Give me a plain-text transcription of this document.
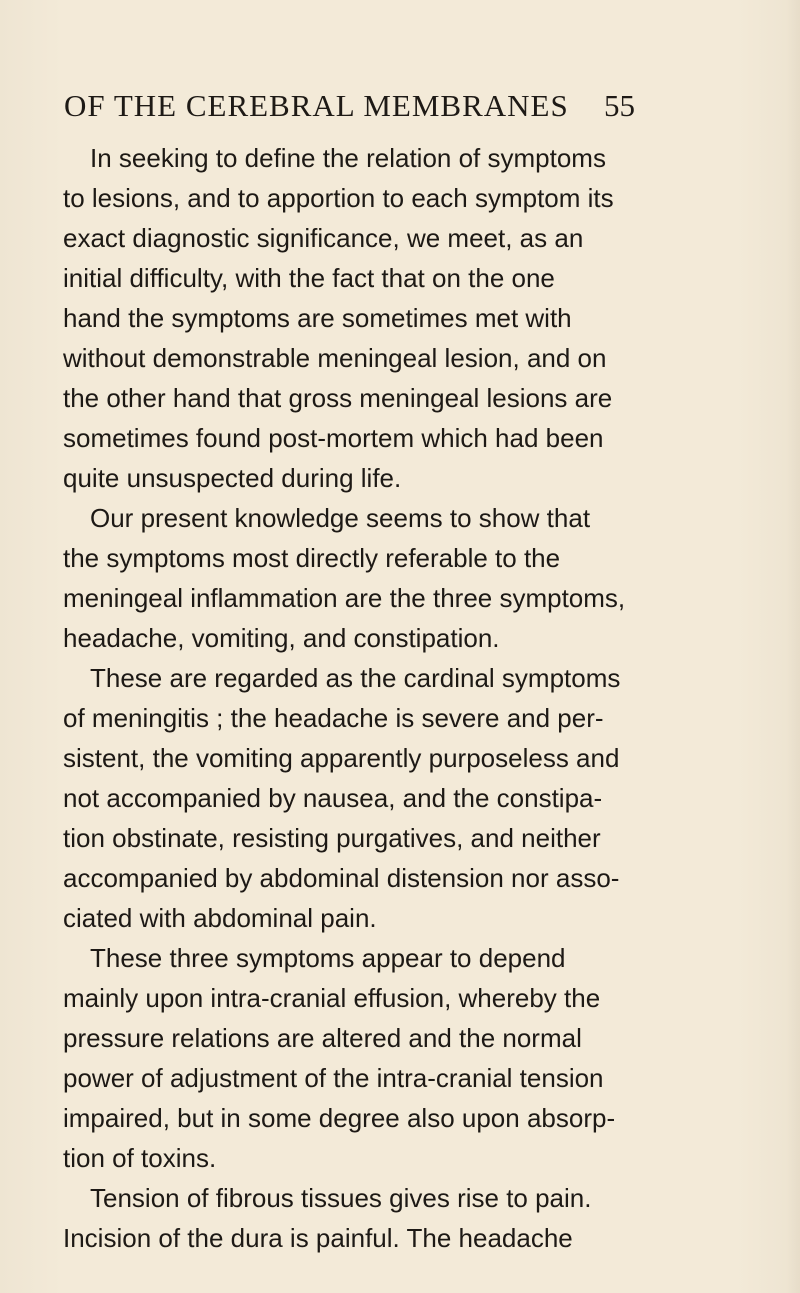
OF THE CEREBRAL MEMBRANES 55
In seeking to define the relation of symptoms
to lesions, and to apportion to each symptom its
exact diagnostic significance, we meet, as an
initial difficulty, with the fact that on the one
hand the symptoms are sometimes met with
without demonstrable meningeal lesion, and on
the other hand that gross meningeal lesions are
sometimes found post-mortem which had been
quite unsuspected during life.
Our present knowledge seems to show that
the symptoms most directly referable to the
meningeal inflammation are the three symptoms,
headache, vomiting, and constipation.
These are regarded as the cardinal symptoms
of meningitis ; the headache is severe and per-
sistent, the vomiting apparently purposeless and
not accompanied by nausea, and the constipa-
tion obstinate, resisting purgatives, and neither
accompanied by abdominal distension nor asso-
ciated with abdominal pain.
These three symptoms appear to depend
mainly upon intra-cranial effusion, whereby the
pressure relations are altered and the normal
power of adjustment of the intra-cranial tension
impaired, but in some degree also upon absorp-
tion of toxins.
Tension of fibrous tissues gives rise to pain.
Incision of the dura is painful. The headache
